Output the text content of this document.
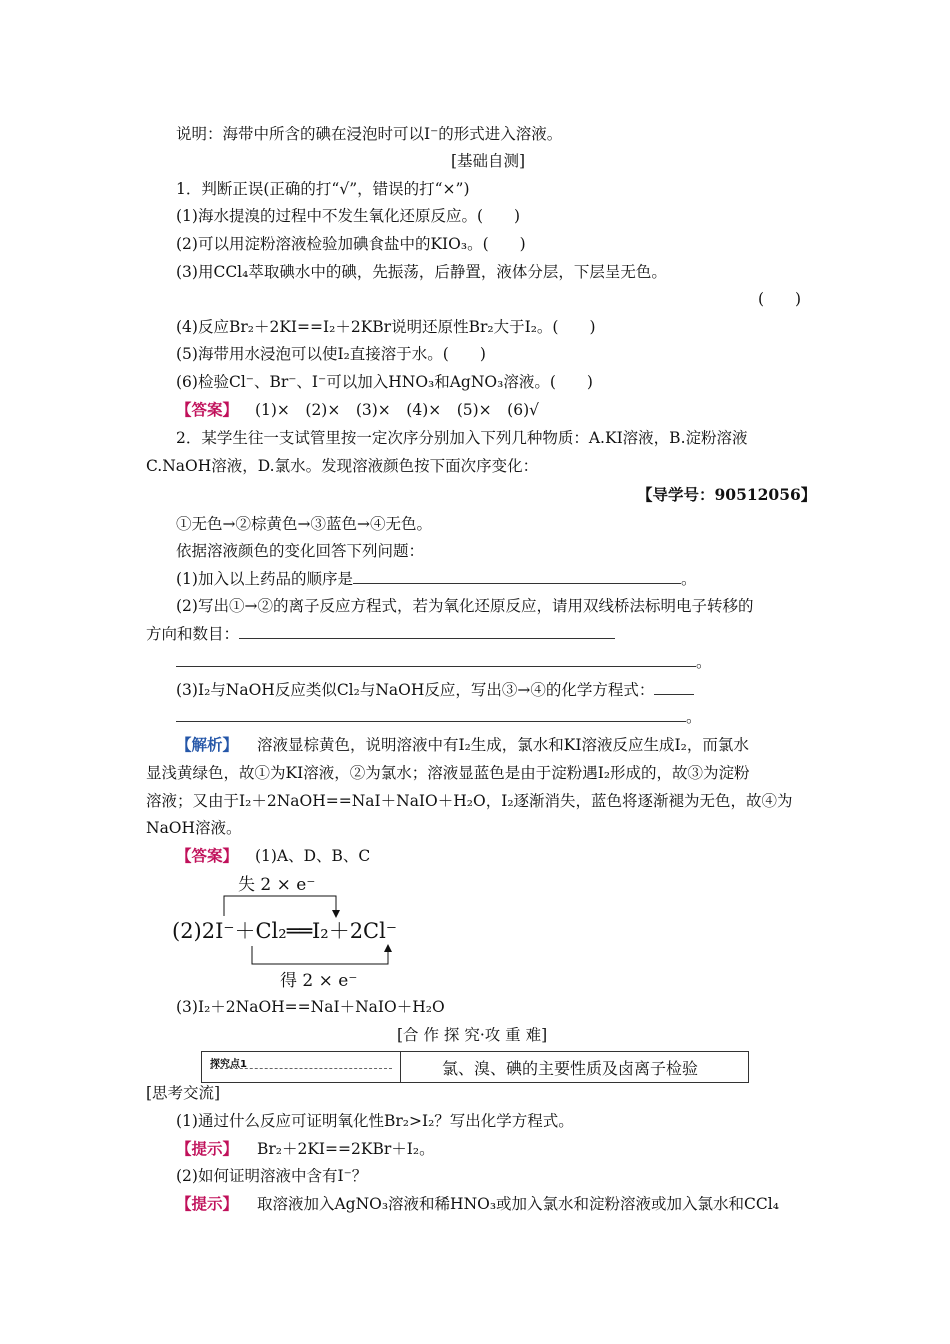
说明：海带中所含的碘在浸泡时可以I⁻的形式进入溶液。
[基础自测]
1．判断正误(正确的打“√”，错误的打“×”)
(1)海水提溴的过程中不发生氧化还原反应。(　　)
(2)可以用淀粉溶液检验加碘食盐中的KIO₃。(　　)
(3)用CCl₄萃取碘水中的碘，先振荡，后静置，液体分层，下层呈无色。
(　　)
(4)反应Br₂＋2KI==I₂＋2KBr说明还原性Br₂大于I₂。(　　)
(5)海带用水浸泡可以使I₂直接溶于水。(　　)
(6)检验Cl⁻、Br⁻、I⁻可以加入HNO₃和AgNO₃溶液。(　　)
【答案】 (1)×　(2)×　(3)×　(4)×　(5)×　(6)√
2．某学生往一支试管里按一定次序分别加入下列几种物质：A.KI溶液，B.淀粉溶液
C.NaOH溶液，D.氯水。发现溶液颜色按下面次序变化：
【导学号：90512056】
①无色→②棕黄色→③蓝色→④无色。
依据溶液颜色的变化回答下列问题：
(1)加入以上药品的顺序是	。
(2)写出①→②的离子反应方程式，若为氧化还原反应，请用双线桥法标明电子转移的
方向和数目：
。
(3)I₂与NaOH反应类似Cl₂与NaOH反应，写出③→④的化学方程式：
。
【解析】 溶液显棕黄色，说明溶液中有I₂生成，氯水和KI溶液反应生成I₂，而氯水
显浅黄绿色，故①为KI溶液，②为氯水；溶液显蓝色是由于淀粉遇I₂形成的，故③为淀粉
溶液；又由于I₂＋2NaOH==NaI＋NaIO＋H₂O，I₂逐渐消失，蓝色将逐渐褪为无色，故④为
NaOH溶液。
【答案】 (1)A、D、B、C
失 2 × e⁻
(2)2I⁻＋Cl₂══I₂＋2Cl⁻
得 2 × e⁻
(3)I₂＋2NaOH==NaI＋NaIO＋H₂O
[合 作 探 究·攻 重 难]
探究点1	氯、溴、碘的主要性质及卤离子检验
[思考交流]
(1)通过什么反应可证明氧化性Br₂>I₂？写出化学方程式。
【提示】 Br₂＋2KI==2KBr＋I₂。
(2)如何证明溶液中含有I⁻？
【提示】 取溶液加入AgNO₃溶液和稀HNO₃或加入氯水和淀粉溶液或加入氯水和CCl₄
